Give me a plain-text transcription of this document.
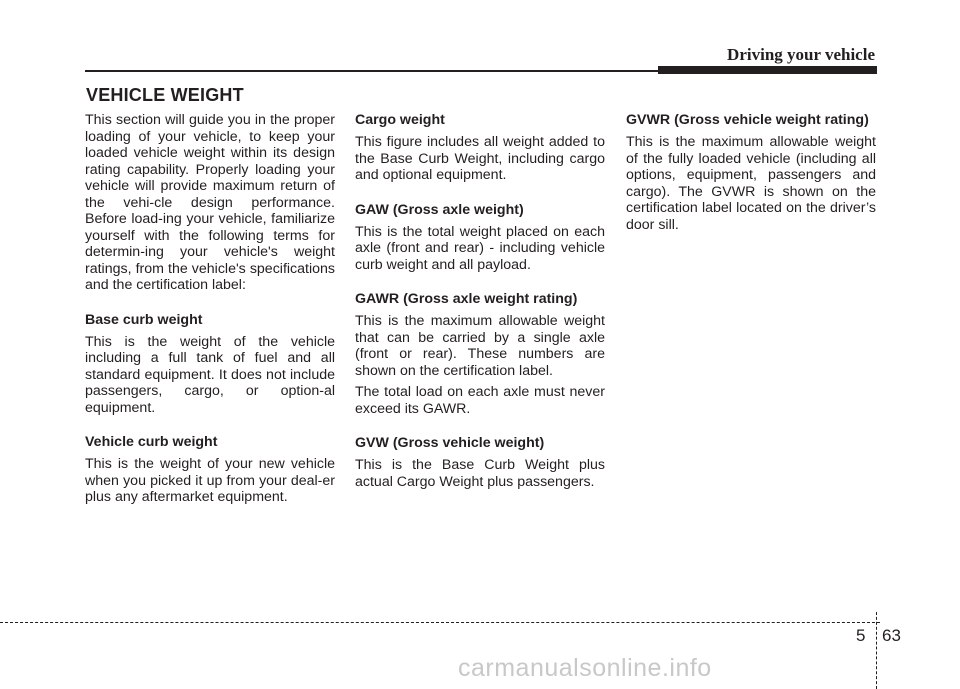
Driving your vehicle
VEHICLE WEIGHT

This section will guide you in the proper loading of your vehicle, to keep your loaded vehicle weight within its design rating capability. Properly loading your vehicle will provide maximum return of the vehi-cle design performance. Before load-ing your vehicle, familiarize yourself with the following terms for determin-ing your vehicle's weight ratings, from the vehicle's specifications and the certification label:

Base curb weight

This is the weight of the vehicle including a full tank of fuel and all standard equipment. It does not include passengers, cargo, or option-al equipment.

Vehicle curb weight

This is the weight of your new vehicle when you picked it up from your deal-er plus any aftermarket equipment.

Cargo weight

This figure includes all weight added to the Base Curb Weight, including cargo and optional equipment.

GAW (Gross axle weight)

This is the total weight placed on each axle (front and rear) - including vehicle curb weight and all payload.

GAWR (Gross axle weight rating)

This is the maximum allowable weight that can be carried by a single axle (front or rear). These numbers are shown on the certification label.

The total load on each axle must never exceed its GAWR.

GVW (Gross vehicle weight)

This is the Base Curb Weight plus actual Cargo Weight plus passengers.

GVWR (Gross vehicle weight rating)

This is the maximum allowable weight of the fully loaded vehicle (including all options, equipment, passengers and cargo). The GVWR is shown on the certification label located on the driver’s door sill.

5 63
carmanualsonline.info
